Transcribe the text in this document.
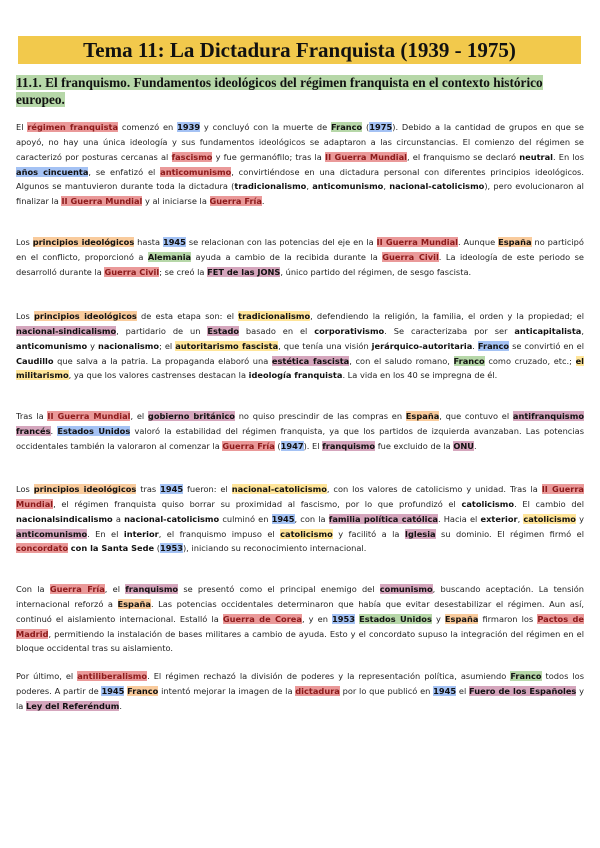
Tema 11: La Dictadura Franquista (1939 - 1975)
11.1. El franquismo. Fundamentos ideológicos del régimen franquista en el contexto histórico europeo.

El régimen franquista comenzó en 1939 y concluyó con la muerte de Franco (1975). Debido a la cantidad de grupos en que se apoyó, no hay una única ideología y sus fundamentos ideológicos se adaptaron a las circunstancias. El comienzo del régimen se caracterizó por posturas cercanas al fascismo y fue germanófilo; tras la II Guerra Mundial, el franquismo se declaró neutral. En los años cincuenta, se enfatizó el anticomunismo, convirtiéndose en una dictadura personal con diferentes principios ideológicos. Algunos se mantuvieron durante toda la dictadura (tradicionalismo, anticomunismo, nacional-catolicismo), pero evolucionaron al finalizar la II Guerra Mundial y al iniciarse la Guerra Fría.

Los principios ideológicos hasta 1945 se relacionan con las potencias del eje en la II Guerra Mundial. Aunque España no participó en el conflicto, proporcionó a Alemania ayuda a cambio de la recibida durante la Guerra Civil. La ideología de este periodo se desarrolló durante la Guerra Civil; se creó la FET de las JONS, único partido del régimen, de sesgo fascista.

Los principios ideológicos de esta etapa son: el tradicionalismo, defendiendo la religión, la familia, el orden y la propiedad; el nacional-sindicalismo, partidario de un Estado basado en el corporativismo. Se caracterizaba por ser anticapitalista, anticomunismo y nacionalismo; el autoritarismo fascista, que tenía una visión jerárquico-autoritaria. Franco se convirtió en el Caudillo que salva a la patria. La propaganda elaboró una estética fascista, con el saludo romano, Franco como cruzado, etc.; el militarismo, ya que los valores castrenses destacan la ideología franquista. La vida en los 40 se impregna de él.

Tras la II Guerra Mundial, el gobierno británico no quiso prescindir de las compras en España, que contuvo el antifranquismo francés. Estados Unidos valoró la estabilidad del régimen franquista, ya que los partidos de izquierda avanzaban. Las potencias occidentales también la valoraron al comenzar la Guerra Fría (1947). El franquismo fue excluido de la ONU.

Los principios ideológicos tras 1945 fueron: el nacional-catolicismo, con los valores de catolicismo y unidad. Tras la II Guerra Mundial, el régimen franquista quiso borrar su proximidad al fascismo, por lo que profundizó el catolicismo. El cambio del nacionalsindicalismo a nacional-catolicismo culminó en 1945, con la familia política católica. Hacia el exterior, catolicismo y anticomunismo. En el interior, el franquismo impuso el catolicismo y facilitó a la Iglesia su dominio. El régimen firmó el concordato con la Santa Sede (1953), iniciando su reconocimiento internacional.

Con la Guerra Fría, el franquismo se presentó como el principal enemigo del comunismo, buscando aceptación. La tensión internacional reforzó a España. Las potencias occidentales determinaron que había que evitar desestabilizar el régimen. Aun así, continuó el aislamiento internacional. Estalló la Guerra de Corea, y en 1953 Estados Unidos y España firmaron los Pactos de Madrid, permitiendo la instalación de bases militares a cambio de ayuda. Esto y el concordato supuso la integración del régimen en el bloque occidental tras su aislamiento.

Por último, el antiliberalismo. El régimen rechazó la división de poderes y la representación política, asumiendo Franco todos los poderes. A partir de 1945 Franco intentó mejorar la imagen de la dictadura por lo que publicó en 1945 el Fuero de los Españoles y la Ley del Referéndum.
